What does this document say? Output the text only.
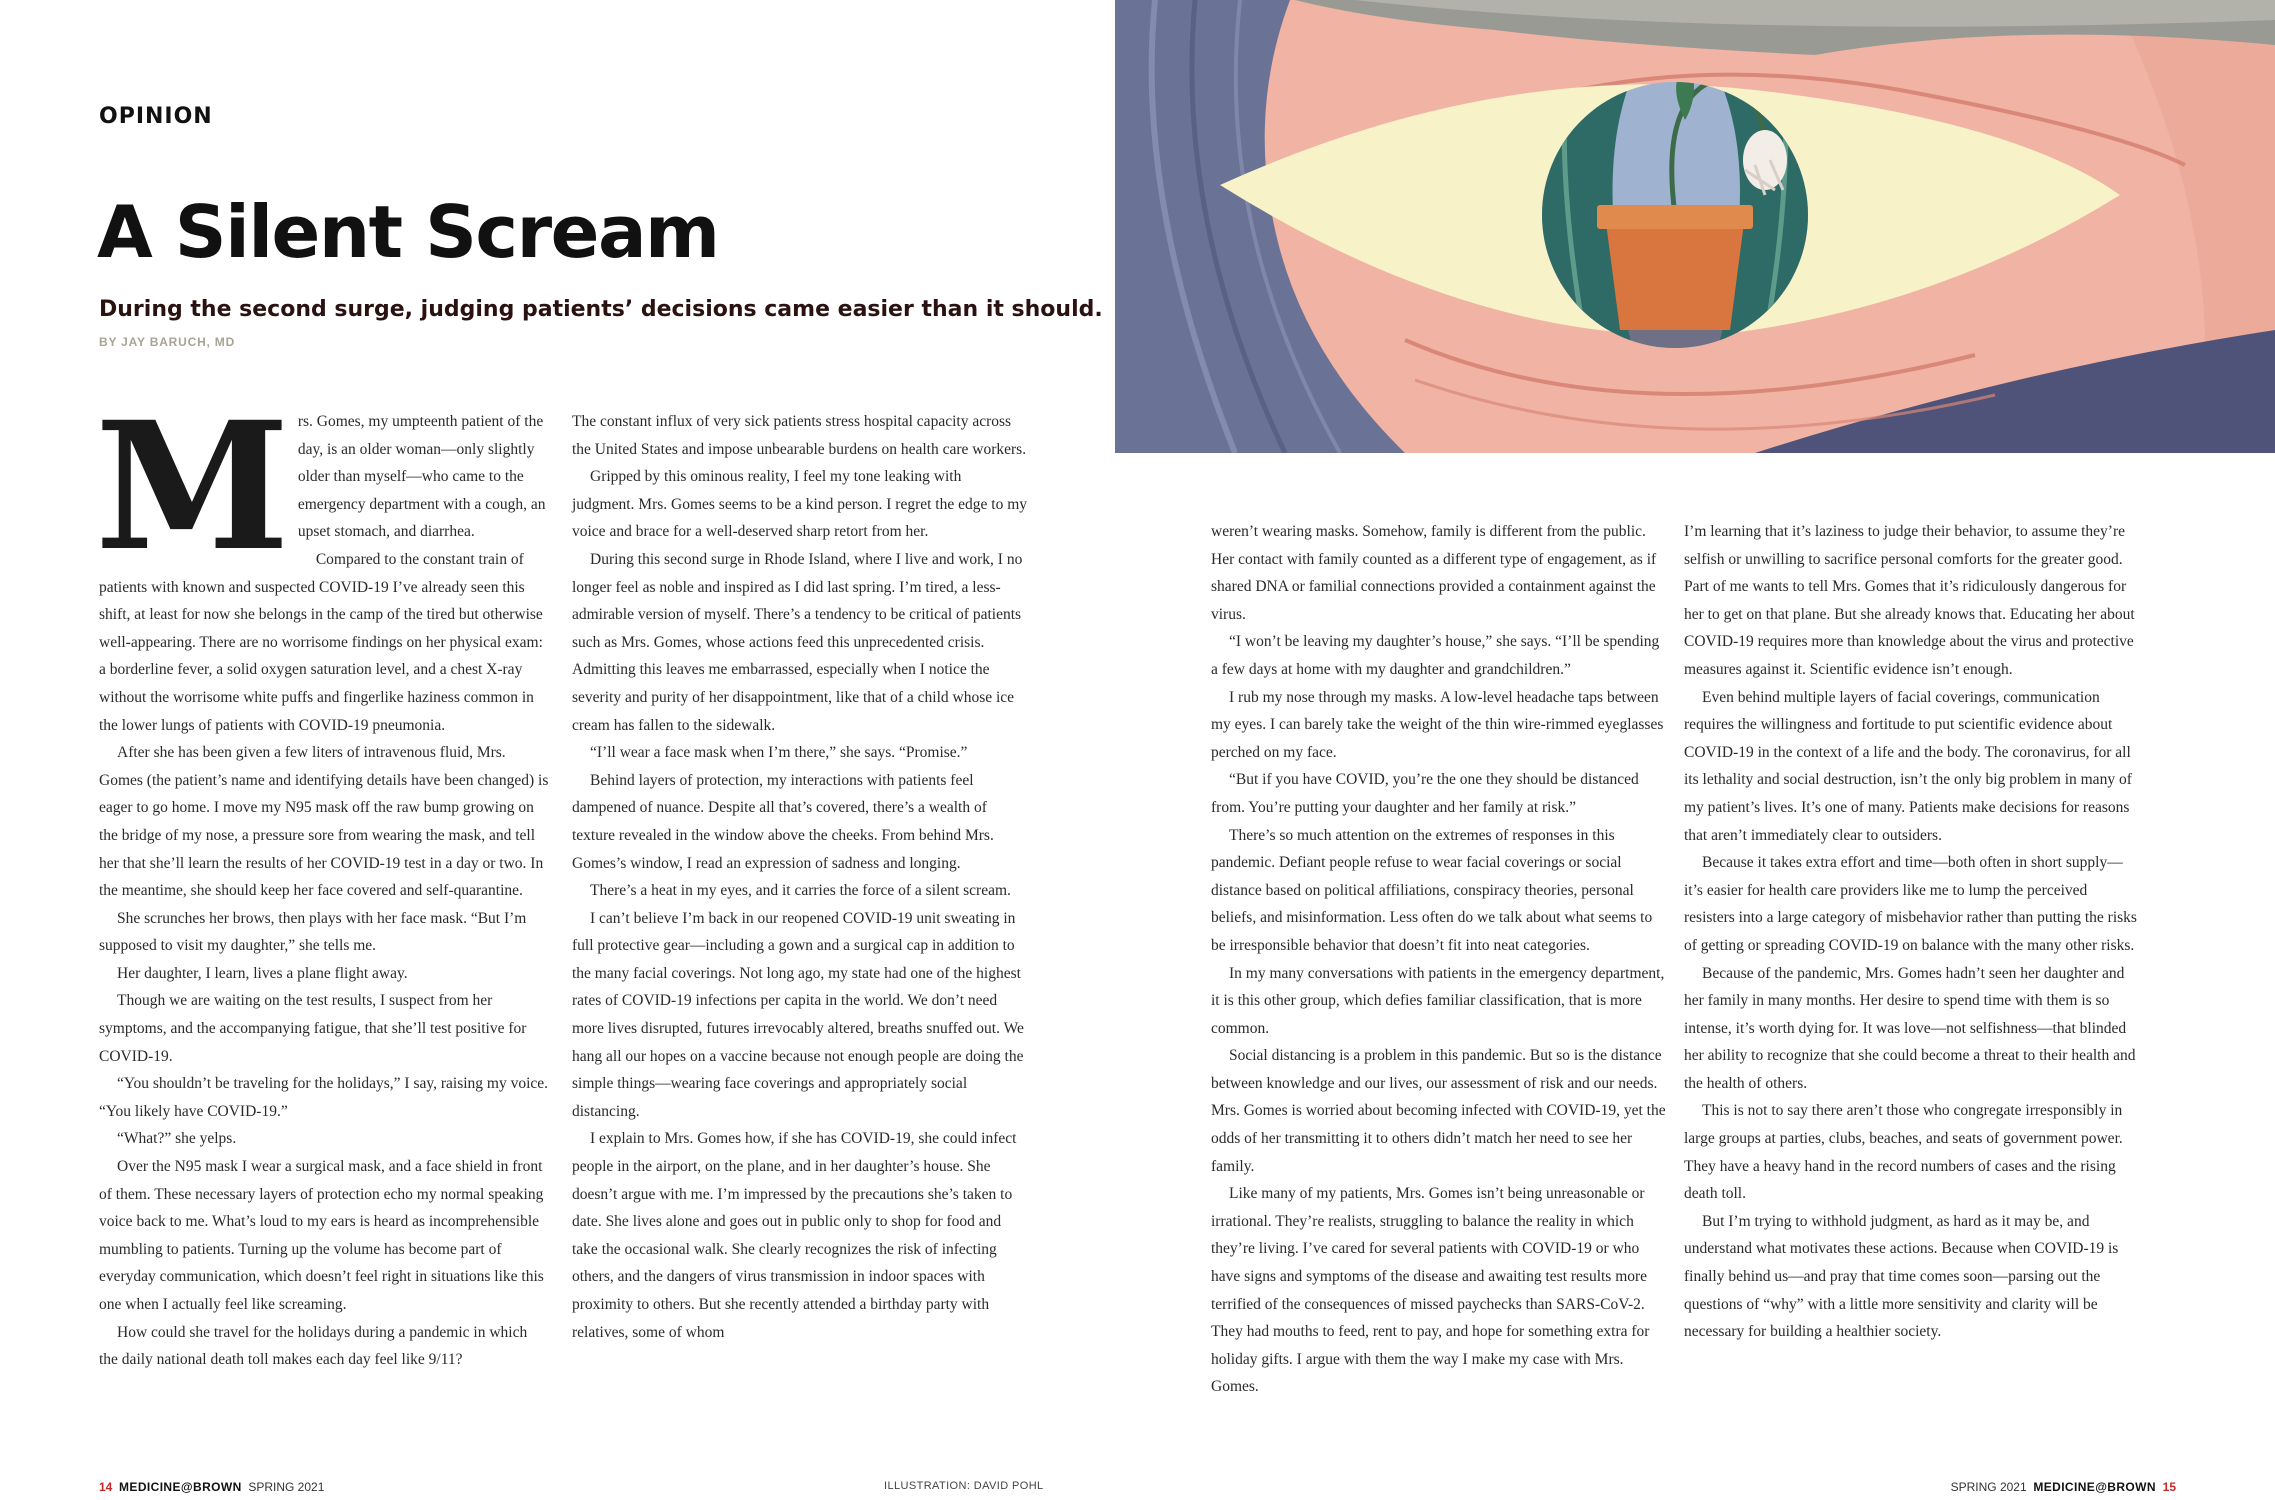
OPINION
A Silent Scream
During the second surge, judging patients’ decisions came easier than it should.
BY JAY BARUCH, MD

Mrs. Gomes, my umpteenth patient of the day, is an older woman—only slightly older than myself—who came to the emergency department with a cough, an upset stomach, and diarrhea.

Compared to the constant train of patients with known and suspected COVID-19 I’ve already seen this shift, at least for now she belongs in the camp of the tired but otherwise well-appearing. There are no worrisome findings on her physical exam: a borderline fever, a solid oxygen saturation level, and a chest X-ray without the worrisome white puffs and fingerlike haziness common in the lower lungs of patients with COVID-19 pneumonia.

After she has been given a few liters of intravenous fluid, Mrs. Gomes (the patient’s name and identifying details have been changed) is eager to go home. I move my N95 mask off the raw bump growing on the bridge of my nose, a pressure sore from wearing the mask, and tell her that she’ll learn the results of her COVID-19 test in a day or two. In the meantime, she should keep her face covered and self-quarantine.

She scrunches her brows, then plays with her face mask. “But I’m supposed to visit my daughter,” she tells me.

Her daughter, I learn, lives a plane flight away.

Though we are waiting on the test results, I suspect from her symptoms, and the accompanying fatigue, that she’ll test positive for COVID-19.

“You shouldn’t be traveling for the holidays,” I say, raising my voice. “You likely have COVID-19.”

“What?” she yelps.

Over the N95 mask I wear a surgical mask, and a face shield in front of them. These necessary layers of protection echo my normal speaking voice back to me. What’s loud to my ears is heard as incomprehensible mumbling to patients. Turning up the volume has become part of everyday communication, which doesn’t feel right in situations like this one when I actually feel like screaming.

How could she travel for the holidays during a pandemic in which the daily national death toll makes each day feel like 9/11?

The constant influx of very sick patients stress hospital capacity across the United States and impose unbearable burdens on health care workers.

Gripped by this ominous reality, I feel my tone leaking with judgment. Mrs. Gomes seems to be a kind person. I regret the edge to my voice and brace for a well-deserved sharp retort from her.

During this second surge in Rhode Island, where I live and work, I no longer feel as noble and inspired as I did last spring. I’m tired, a less-admirable version of myself. There’s a tendency to be critical of patients such as Mrs. Gomes, whose actions feed this unprecedented crisis. Admitting this leaves me embarrassed, especially when I notice the severity and purity of her disappointment, like that of a child whose ice cream has fallen to the sidewalk.

“I’ll wear a face mask when I’m there,” she says. “Promise.”

Behind layers of protection, my interactions with patients feel dampened of nuance. Despite all that’s covered, there’s a wealth of texture revealed in the window above the cheeks. From behind Mrs. Gomes’s window, I read an expression of sadness and longing.

There’s a heat in my eyes, and it carries the force of a silent scream.

I can’t believe I’m back in our reopened COVID-19 unit sweating in full protective gear—including a gown and a surgical cap in addition to the many facial coverings. Not long ago, my state had one of the highest rates of COVID-19 infections per capita in the world. We don’t need more lives disrupted, futures irrevocably altered, breaths snuffed out. We hang all our hopes on a vaccine because not enough people are doing the simple things—wearing face coverings and appropriately social distancing.

I explain to Mrs. Gomes how, if she has COVID-19, she could infect people in the airport, on the plane, and in her daughter’s house. She doesn’t argue with me. I’m impressed by the precautions she’s taken to date. She lives alone and goes out in public only to shop for food and take the occasional walk. She clearly recognizes the risk of infecting others, and the dangers of virus transmission in indoor spaces with proximity to others. But she recently attended a birthday party with relatives, some of whom

14 MEDICINE@BROWN SPRING 2021	ILLUSTRATION: DAVID POHL

weren’t wearing masks. Somehow, family is different from the public. Her contact with family counted as a different type of engagement, as if shared DNA or familial connections provided a containment against the virus.

“I won’t be leaving my daughter’s house,” she says. “I’ll be spending a few days at home with my daughter and grandchildren.”

I rub my nose through my masks. A low-level headache taps between my eyes. I can barely take the weight of the thin wire-rimmed eyeglasses perched on my face.

“But if you have COVID, you’re the one they should be distanced from. You’re putting your daughter and her family at risk.”

There’s so much attention on the extremes of responses in this pandemic. Defiant people refuse to wear facial coverings or social distance based on political affiliations, conspiracy theories, personal beliefs, and misinformation. Less often do we talk about what seems to be irresponsible behavior that doesn’t fit into neat categories.

In my many conversations with patients in the emergency department, it is this other group, which defies familiar classification, that is more common.

Social distancing is a problem in this pandemic. But so is the distance between knowledge and our lives, our assessment of risk and our needs. Mrs. Gomes is worried about becoming infected with COVID-19, yet the odds of her transmitting it to others didn’t match her need to see her family.

Like many of my patients, Mrs. Gomes isn’t being unreasonable or irrational. They’re realists, struggling to balance the reality in which they’re living. I’ve cared for several patients with COVID-19 or who have signs and symptoms of the disease and awaiting test results more terrified of the consequences of missed paychecks than SARS-CoV-2. They had mouths to feed, rent to pay, and hope for something extra for holiday gifts. I argue with them the way I make my case with Mrs. Gomes.

I’m learning that it’s laziness to judge their behavior, to assume they’re selfish or unwilling to sacrifice personal comforts for the greater good. Part of me wants to tell Mrs. Gomes that it’s ridiculously dangerous for her to get on that plane. But she already knows that. Educating her about COVID-19 requires more than knowledge about the virus and protective measures against it. Scientific evidence isn’t enough.

Even behind multiple layers of facial coverings, communication requires the willingness and fortitude to put scientific evidence about COVID-19 in the context of a life and the body. The coronavirus, for all its lethality and social destruction, isn’t the only big problem in many of my patient’s lives. It’s one of many. Patients make decisions for reasons that aren’t immediately clear to outsiders.

Because it takes extra effort and time—both often in short supply—it’s easier for health care providers like me to lump the perceived resisters into a large category of misbehavior rather than putting the risks of getting or spreading COVID-19 on balance with the many other risks.

Because of the pandemic, Mrs. Gomes hadn’t seen her daughter and her family in many months. Her desire to spend time with them is so intense, it’s worth dying for. It was love—not selfishness—that blinded her ability to recognize that she could become a threat to their health and the health of others.

This is not to say there aren’t those who congregate irresponsibly in large groups at parties, clubs, beaches, and seats of government power. They have a heavy hand in the record numbers of cases and the rising death toll.

But I’m trying to withhold judgment, as hard as it may be, and understand what motivates these actions. Because when COVID-19 is finally behind us—and pray that time comes soon—parsing out the questions of “why” with a little more sensitivity and clarity will be necessary for building a healthier society.

SPRING 2021 MEDICINE@BROWN 15
